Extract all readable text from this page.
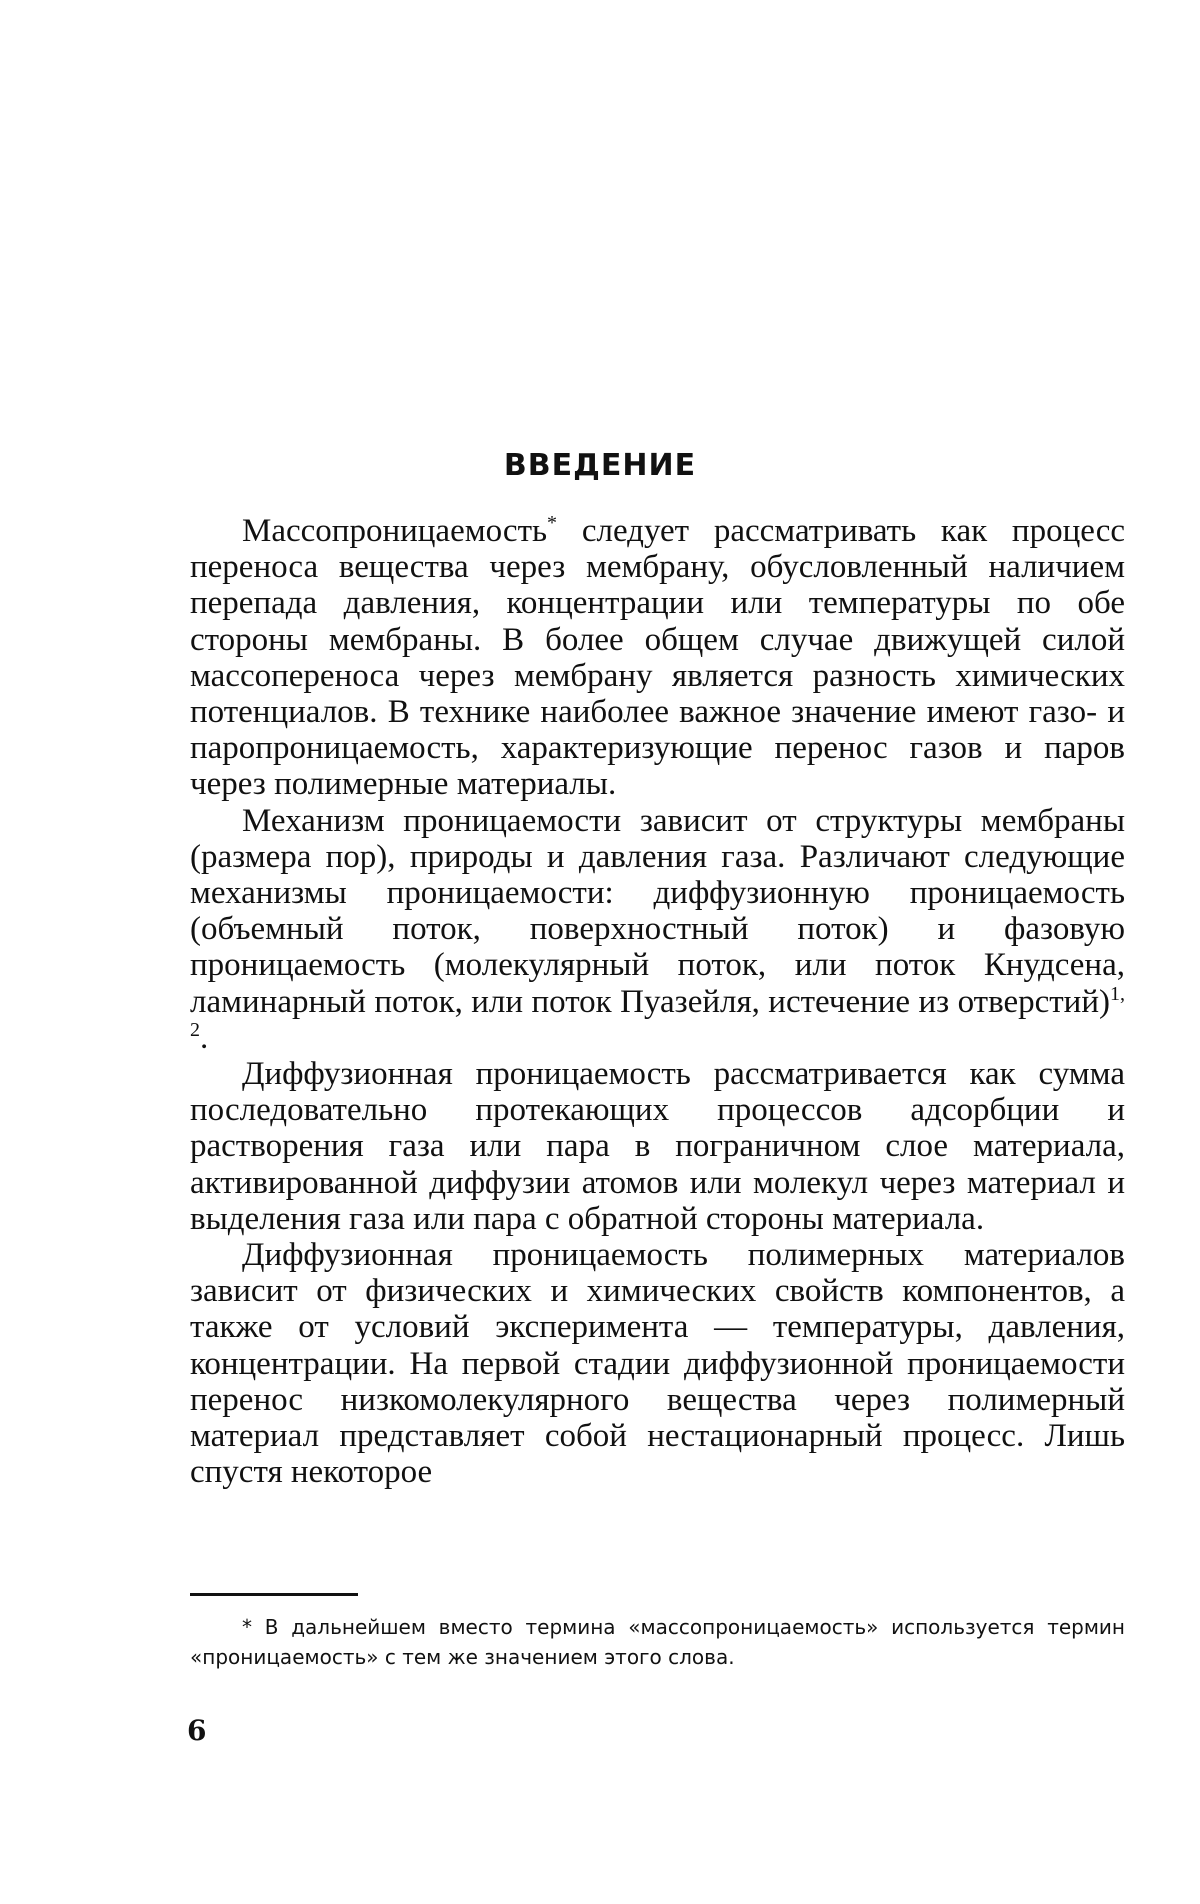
ВВЕДЕНИЕ

Массопроницаемость* следует рассматривать как процесс переноса вещества через мембрану, обусловленный наличием перепада давления, концентрации или температуры по обе стороны мембраны. В более общем случае движущей силой массопереноса через мембрану является разность химических потенциалов. В технике наиболее важное значение имеют газо- и паропроницаемость, характеризующие перенос газов и паров через полимерные материалы.

Механизм проницаемости зависит от структуры мембраны (размера пор), природы и давления газа. Различают следующие механизмы проницаемости: диффузионную проницаемость (объемный поток, поверхностный поток) и фазовую проницаемость (молекулярный поток, или поток Кнудсена, ламинарный поток, или поток Пуазейля, истечение из отверстий)$^{1, 2}$.

Диффузионная проницаемость рассматривается как сумма последовательно протекающих процессов адсорбции и растворения газа или пара в пограничном слое материала, активированной диффузии атомов или молекул через материал и выделения газа или пара с обратной стороны материала.

Диффузионная проницаемость полимерных материалов зависит от физических и химических свойств компонентов, а также от условий эксперимента — температуры, давления, концентрации. На первой стадии диффузионной проницаемости перенос низкомолекулярного вещества через полимерный материал представляет собой нестационарный процесс. Лишь спустя некоторое

* В дальнейшем вместо термина «массопроницаемость» используется термин «проницаемость» с тем же значением этого слова.

6
